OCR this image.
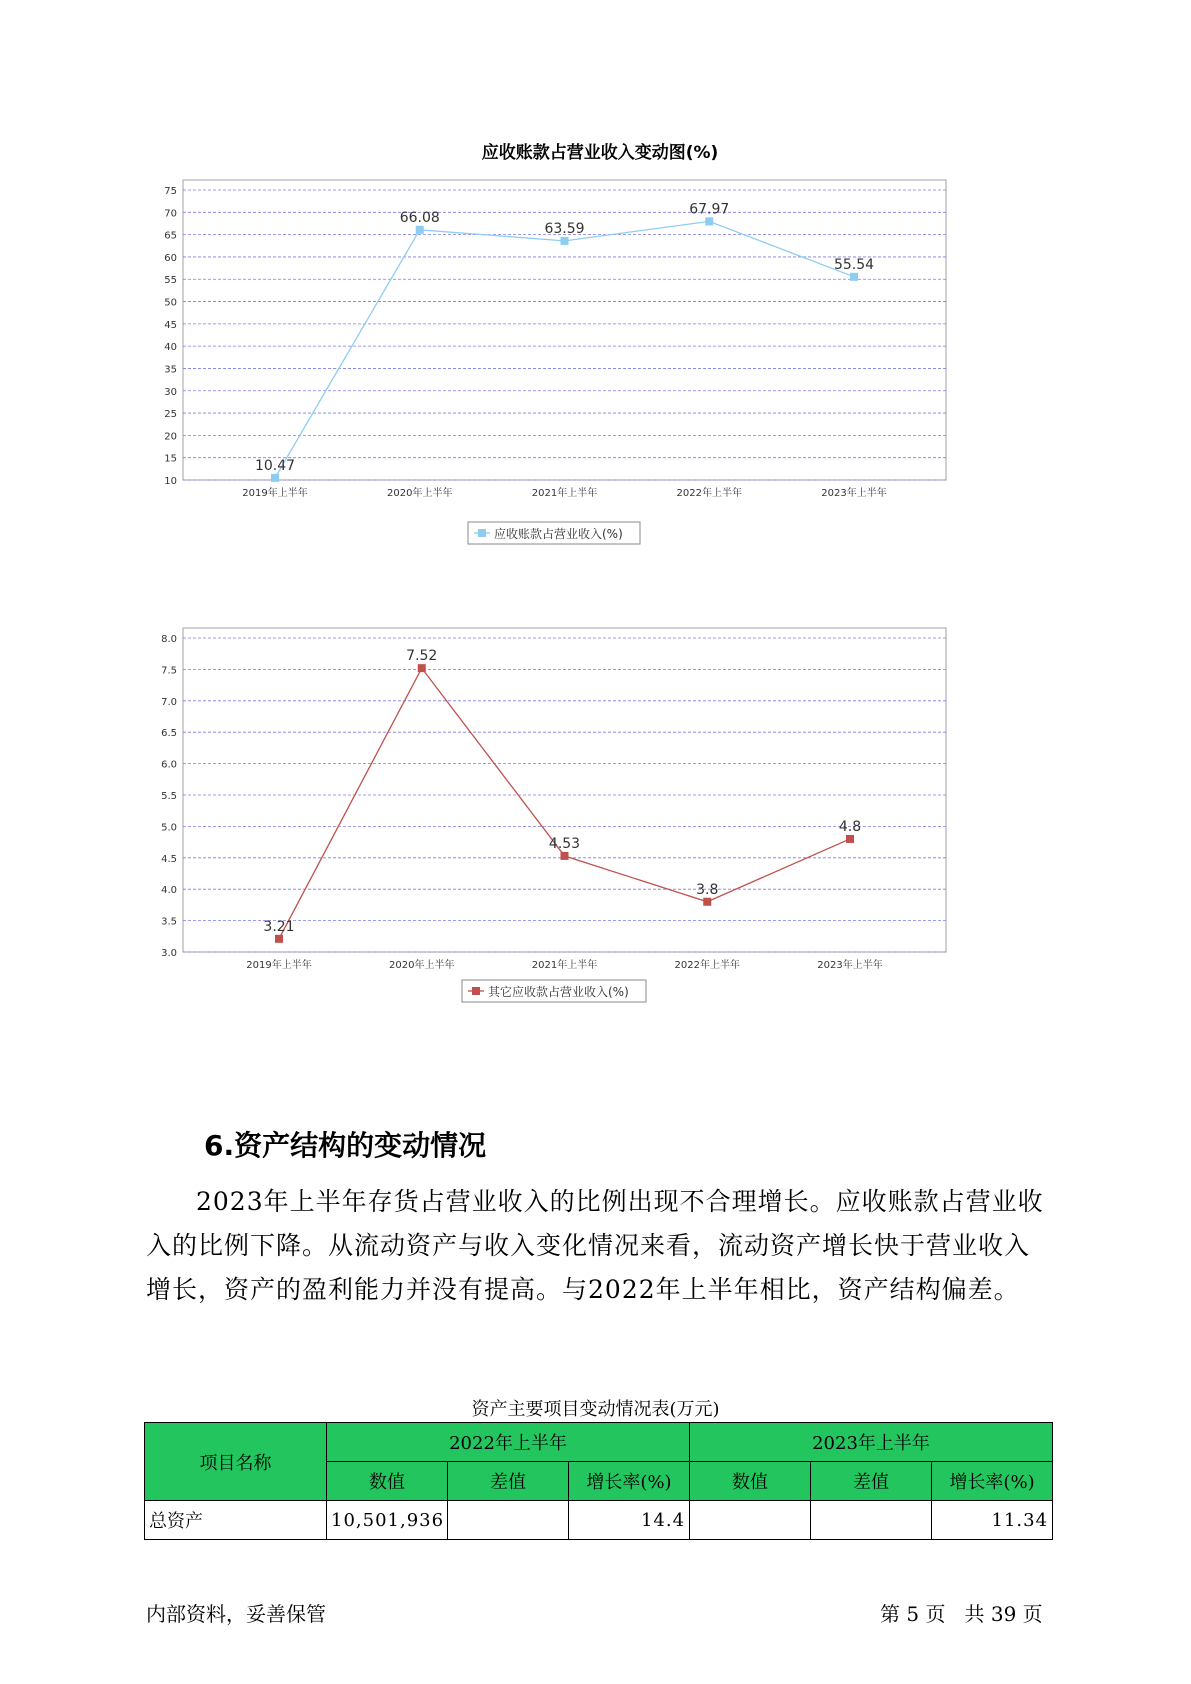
应收账款占营业收入变动图(%)
10
15
20
25
30
35
40
45
50
55
60
65
70
75
2019年上半年	2020年上半年	2021年上半年	2022年上半年	2023年上半年
10.47
66.08
63.59
67.97
55.54
应收账款占营业收入(%)
3.0
3.5
4.0
4.5
5.0
5.5
6.0
6.5
7.0
7.5
8.0
2019年上半年	2020年上半年	2021年上半年	2022年上半年	2023年上半年
3.21
7.52
4.53
3.8
4.8
其它应收款占营业收入(%)
6.资产结构的变动情况
2023年上半年存货占营业收入的比例出现不合理增长。应收账款占营业收入的比例下降。从流动资产与收入变化情况来看，流动资产增长快于营业收入增长，资产的盈利能力并没有提高。与2022年上半年相比，资产结构偏差。
资产主要项目变动情况表(万元)
项目名称	2022年上半年			2023年上半年		
	数值	差值	增长率(%)	数值	差值	增长率(%)
总资产	10,501,936		14.4			11.34
内部资料，妥善保管	第 5 页   共 39 页
